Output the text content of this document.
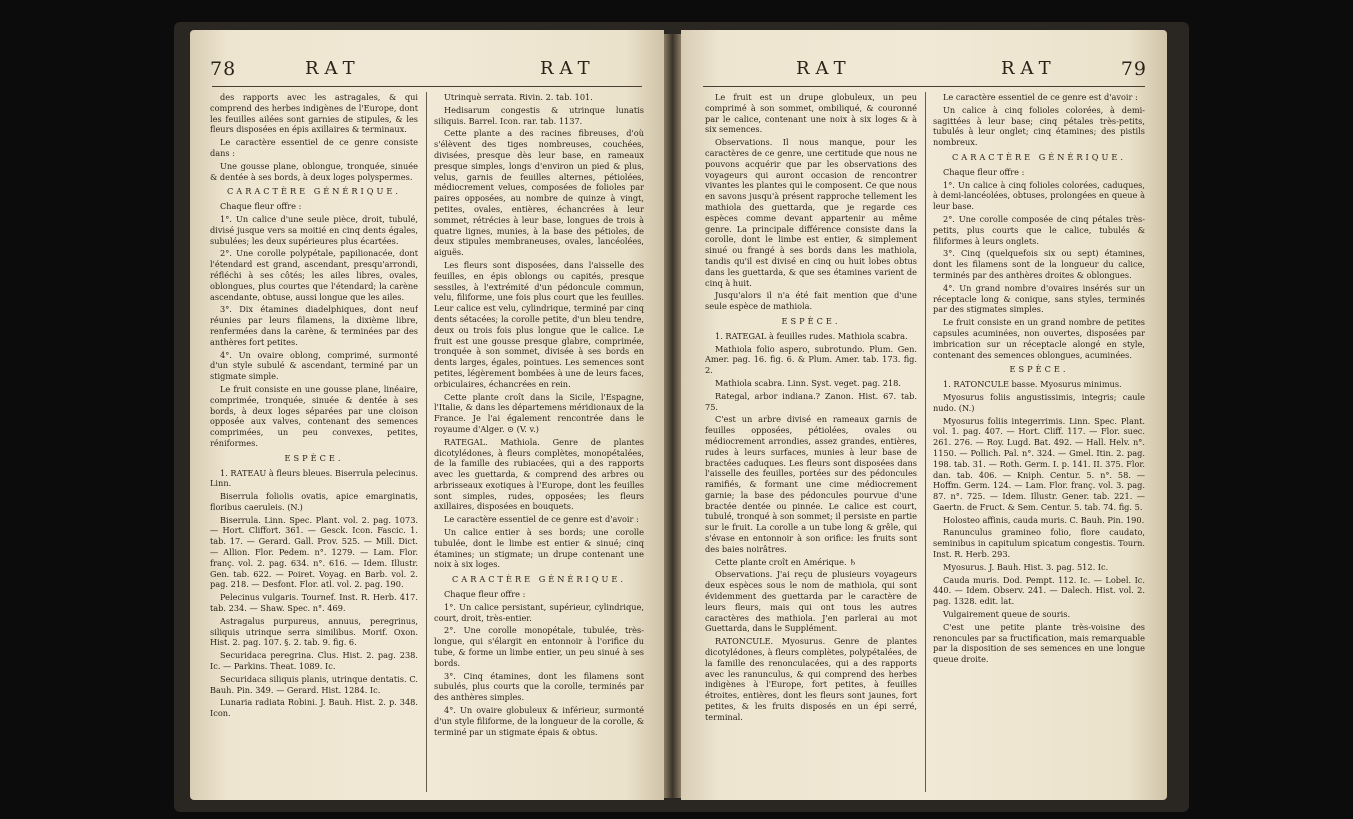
78	RAT	RAT

des rapports avec les astragales, & qui comprend des herbes indigènes de l'Europe, dont les feuilles ailées sont garnies de stipules, & les fleurs disposées en épis axillaires & terminaux.

Le caractère essentiel de ce genre consiste dans :

Une gousse plane, oblongue, tronquée, sinuée & dentée à ses bords, à deux loges polyspermes.

CARACTÈRE GÉNÉRIQUE.

Chaque fleur offre :

1°. Un calice d'une seule pièce, droit, tubulé, divisé jusque vers sa moitié en cinq dents égales, subulées; les deux supérieures plus écartées.

2°. Une corolle polypétale, papilionacée, dont l'étendard est grand, ascendant, presqu'arrondi, réfléchi à ses côtés; les ailes libres, ovales, oblongues, plus courtes que l'étendard; la carène ascendante, obtuse, aussi longue que les ailes.

3°. Dix étamines diadelphiques, dont neuf réunies par leurs filamens, la dixième libre, renfermées dans la carène, & terminées par des anthères fort petites.

4°. Un ovaire oblong, comprimé, surmonté d'un style subulé & ascendant, terminé par un stigmate simple.

Le fruit consiste en une gousse plane, linéaire, comprimée, tronquée, sinuée & dentée à ses bords, à deux loges séparées par une cloison opposée aux valves, contenant des semences comprimées, un peu convexes, petites, réniformes.

ESPÈCE.

1. RATEAU à fleurs bleues. Biserrula pelecinus. Linn.

Biserrula foliolis ovatis, apice emarginatis, floribus caeruleis. (N.)

Biserrula. Linn. Spec. Plant. vol. 2. pag. 1073. — Hort. Cliffort. 361. — Gesck. Icon. Fascic. 1. tab. 17. — Gerard. Gall. Prov. 525. — Mill. Dict. — Allion. Flor. Pedem. n°. 1279. — Lam. Flor. franç. vol. 2. pag. 634. n°. 616. — Idem. Illustr. Gen. tab. 622. — Poiret. Voyag. en Barb. vol. 2. pag. 218. — Desfont. Flor. atl. vol. 2. pag. 190.

Pelecinus vulgaris. Tournef. Inst. R. Herb. 417. tab. 234. — Shaw. Spec. n°. 469.

Astragalus purpureus, annuus, peregrinus, siliquis utrinque serra similibus. Morif. Oxon. Hist. 2. pag. 107. §. 2. tab. 9. fig. 6.

Securidaca peregrina. Clus. Hist. 2. pag. 238. Ic. — Parkins. Theat. 1089. Ic.

Securidaca siliquis planis, utrinque dentatis. C. Bauh. Pin. 349. — Gerard. Hist. 1284. Ic.

Lunaria radiata Robini. J. Bauh. Hist. 2. p. 348. Icon.

Utrinquè serrata. Rivin. 2. tab. 101.

Hedisarum congestis & utrinque lunatis siliquis. Barrel. Icon. rar. tab. 1137.

Cette plante a des racines fibreuses, d'où s'élèvent des tiges nombreuses, couchées, divisées, presque dès leur base, en rameaux presque simples, longs d'environ un pied & plus, velus, garnis de feuilles alternes, pétiolées, médiocrement velues, composées de folioles par paires opposées, au nombre de quinze à vingt, petites, ovales, entières, échancrées à leur sommet, rétrécies à leur base, longues de trois à quatre lignes, munies, à la base des pétioles, de deux stipules membraneuses, ovales, lancéolées, aiguës.

Les fleurs sont disposées, dans l'aisselle des feuilles, en épis oblongs ou capités, presque sessiles, à l'extrémité d'un pédoncule commun, velu, filiforme, une fois plus court que les feuilles. Leur calice est velu, cylindrique, terminé par cinq dents sétacées; la corolle petite, d'un bleu tendre, deux ou trois fois plus longue que le calice. Le fruit est une gousse presque glabre, comprimée, tronquée à son sommet, divisée à ses bords en dents larges, égales, pointues. Les semences sont petites, légèrement bombées à une de leurs faces, orbiculaires, échancrées en rein.

Cette plante croît dans la Sicile, l'Espagne, l'Italie, & dans les départemens méridionaux de la France. Je l'ai également rencontrée dans le royaume d'Alger. ⊙ (V. v.)

RATEGAL. Mathiola. Genre de plantes dicotylédones, à fleurs complètes, monopétalées, de la famille des rubiacées, qui a des rapports avec les guettarda, & comprend des arbres ou arbrisseaux exotiques à l'Europe, dont les feuilles sont simples, rudes, opposées; les fleurs axillaires, disposées en bouquets.

Le caractère essentiel de ce genre est d'avoir :

Un calice entier à ses bords; une corolle tubulée, dont le limbe est entier & sinué; cinq étamines; un stigmate; un drupe contenant une noix à six loges.

CARACTÈRE GÉNÉRIQUE.

Chaque fleur offre :

1°. Un calice persistant, supérieur, cylindrique, court, droit, très-entier.

2°. Une corolle monopétale, tubulée, très-longue, qui s'élargit en entonnoir à l'orifice du tube, & forme un limbe entier, un peu sinué à ses bords.

3°. Cinq étamines, dont les filamens sont subulés, plus courts que la corolle, terminés par des anthères simples.

4°. Un ovaire globuleux & inférieur, surmonté d'un style filiforme, de la longueur de la corolle, & terminé par un stigmate épais & obtus.

RAT	RAT	79

Le fruit est un drupe globuleux, un peu comprimé à son sommet, ombiliqué, & couronné par le calice, contenant une noix à six loges & à six semences.

Observations. Il nous manque, pour les caractères de ce genre, une certitude que nous ne pouvons acquérir que par les observations des voyageurs qui auront occasion de rencontrer vivantes les plantes qui le composent. Ce que nous en savons jusqu'à présent rapproche tellement les mathiola des guettarda, que je regarde ces espèces comme devant appartenir au même genre. La principale différence consiste dans la corolle, dont le limbe est entier, & simplement sinué ou frangé à ses bords dans les mathiola, tandis qu'il est divisé en cinq ou huit lobes obtus dans les guettarda, & que ses étamines varient de cinq à huit.

Jusqu'alors il n'a été fait mention que d'une seule espèce de mathiola.

ESPÈCE.

1. RATEGAL à feuilles rudes. Mathiola scabra.

Mathiola folio aspero, subrotundo. Plum. Gen. Amer. pag. 16. fig. 6. & Plum. Amer. tab. 173. fig. 2.

Mathiola scabra. Linn. Syst. veget. pag. 218.

Rategal, arbor indiana.? Zanon. Hist. 67. tab. 75.

C'est un arbre divisé en rameaux garnis de feuilles opposées, pétiolées, ovales ou médiocrement arrondies, assez grandes, entières, rudes à leurs surfaces, munies à leur base de bractées caduques. Les fleurs sont disposées dans l'aisselle des feuilles, portées sur des pédoncules ramifiés, & formant une cime médiocrement garnie; la base des pédoncules pourvue d'une bractée dentée ou pinnée. Le calice est court, tubulé, tronqué à son sommet; il persiste en partie sur le fruit. La corolle a un tube long & grêle, qui s'évase en entonnoir à son orifice: les fruits sont des baies noirâtres.

Cette plante croît en Amérique. ♄

Observations. J'ai reçu de plusieurs voyageurs deux espèces sous le nom de mathiola, qui sont évidemment des guettarda par le caractère de leurs fleurs, mais qui ont tous les autres caractères des mathiola. J'en parlerai au mot Guettarda, dans le Supplément.

RATONCULE. Myosurus. Genre de plantes dicotylédones, à fleurs complètes, polypétalées, de la famille des renonculacées, qui a des rapports avec les ranunculus, & qui comprend des herbes indigènes à l'Europe, fort petites, à feuilles étroites, entières, dont les fleurs sont jaunes, fort petites, & les fruits disposés en un épi serré, terminal.

Le caractère essentiel de ce genre est d'avoir :

Un calice à cinq folioles colorées, à demi-sagittées à leur base; cinq pétales très-petits, tubulés à leur onglet; cinq étamines; des pistils nombreux.

CARACTÈRE GÉNÉRIQUE.

Chaque fleur offre :

1°. Un calice à cinq folioles colorées, caduques, à demi-lancéolées, obtuses, prolongées en queue à leur base.

2°. Une corolle composée de cinq pétales très-petits, plus courts que le calice, tubulés & filiformes à leurs onglets.

3°. Cinq (quelquefois six ou sept) étamines, dont les filamens sont de la longueur du calice, terminés par des anthères droites & oblongues.

4°. Un grand nombre d'ovaires insérés sur un réceptacle long & conique, sans styles, terminés par des stigmates simples.

Le fruit consiste en un grand nombre de petites capsules acuminées, non ouvertes, disposées par imbrication sur un réceptacle alongé en style, contenant des semences oblongues, acuminées.

ESPÈCE.

1. RATONCULE basse. Myosurus minimus.

Myosurus foliis angustissimis, integris; caule nudo. (N.)

Myosurus foliis integerrimis. Linn. Spec. Plant. vol. 1. pag. 407. — Hort. Cliff. 117. — Flor. suec. 261. 276. — Roy. Lugd. Bat. 492. — Hall. Helv. n°. 1150. — Pollich. Pal. n°. 324. — Gmel. Itin. 2. pag. 198. tab. 31. — Roth. Germ. I. p. 141. II. 375. Flor. dan. tab. 406. — Kniph. Centur. 5. n°. 58. — Hoffm. Germ. 124. — Lam. Flor. franç. vol. 3. pag. 87. n°. 725. — Idem. Illustr. Gener. tab. 221. — Gaertn. de Fruct. & Sem. Centur. 5. tab. 74. fig. 5.

Holosteo affinis, cauda muris. C. Bauh. Pin. 190.

Ranunculus gramineo folio, flore caudato, seminibus in capitulum spicatum congestis. Tourn. Inst. R. Herb. 293.

Myosurus. J. Bauh. Hist. 3. pag. 512. Ic.

Cauda muris. Dod. Pempt. 112. Ic. — Lobel. Ic. 440. — Idem. Observ. 241. — Dalech. Hist. vol. 2. pag. 1328. edit. lat.

Vulgairement queue de souris.

C'est une petite plante très-voisine des renoncules par sa fructification, mais remarquable par la disposition de ses semences en une longue queue droite.
